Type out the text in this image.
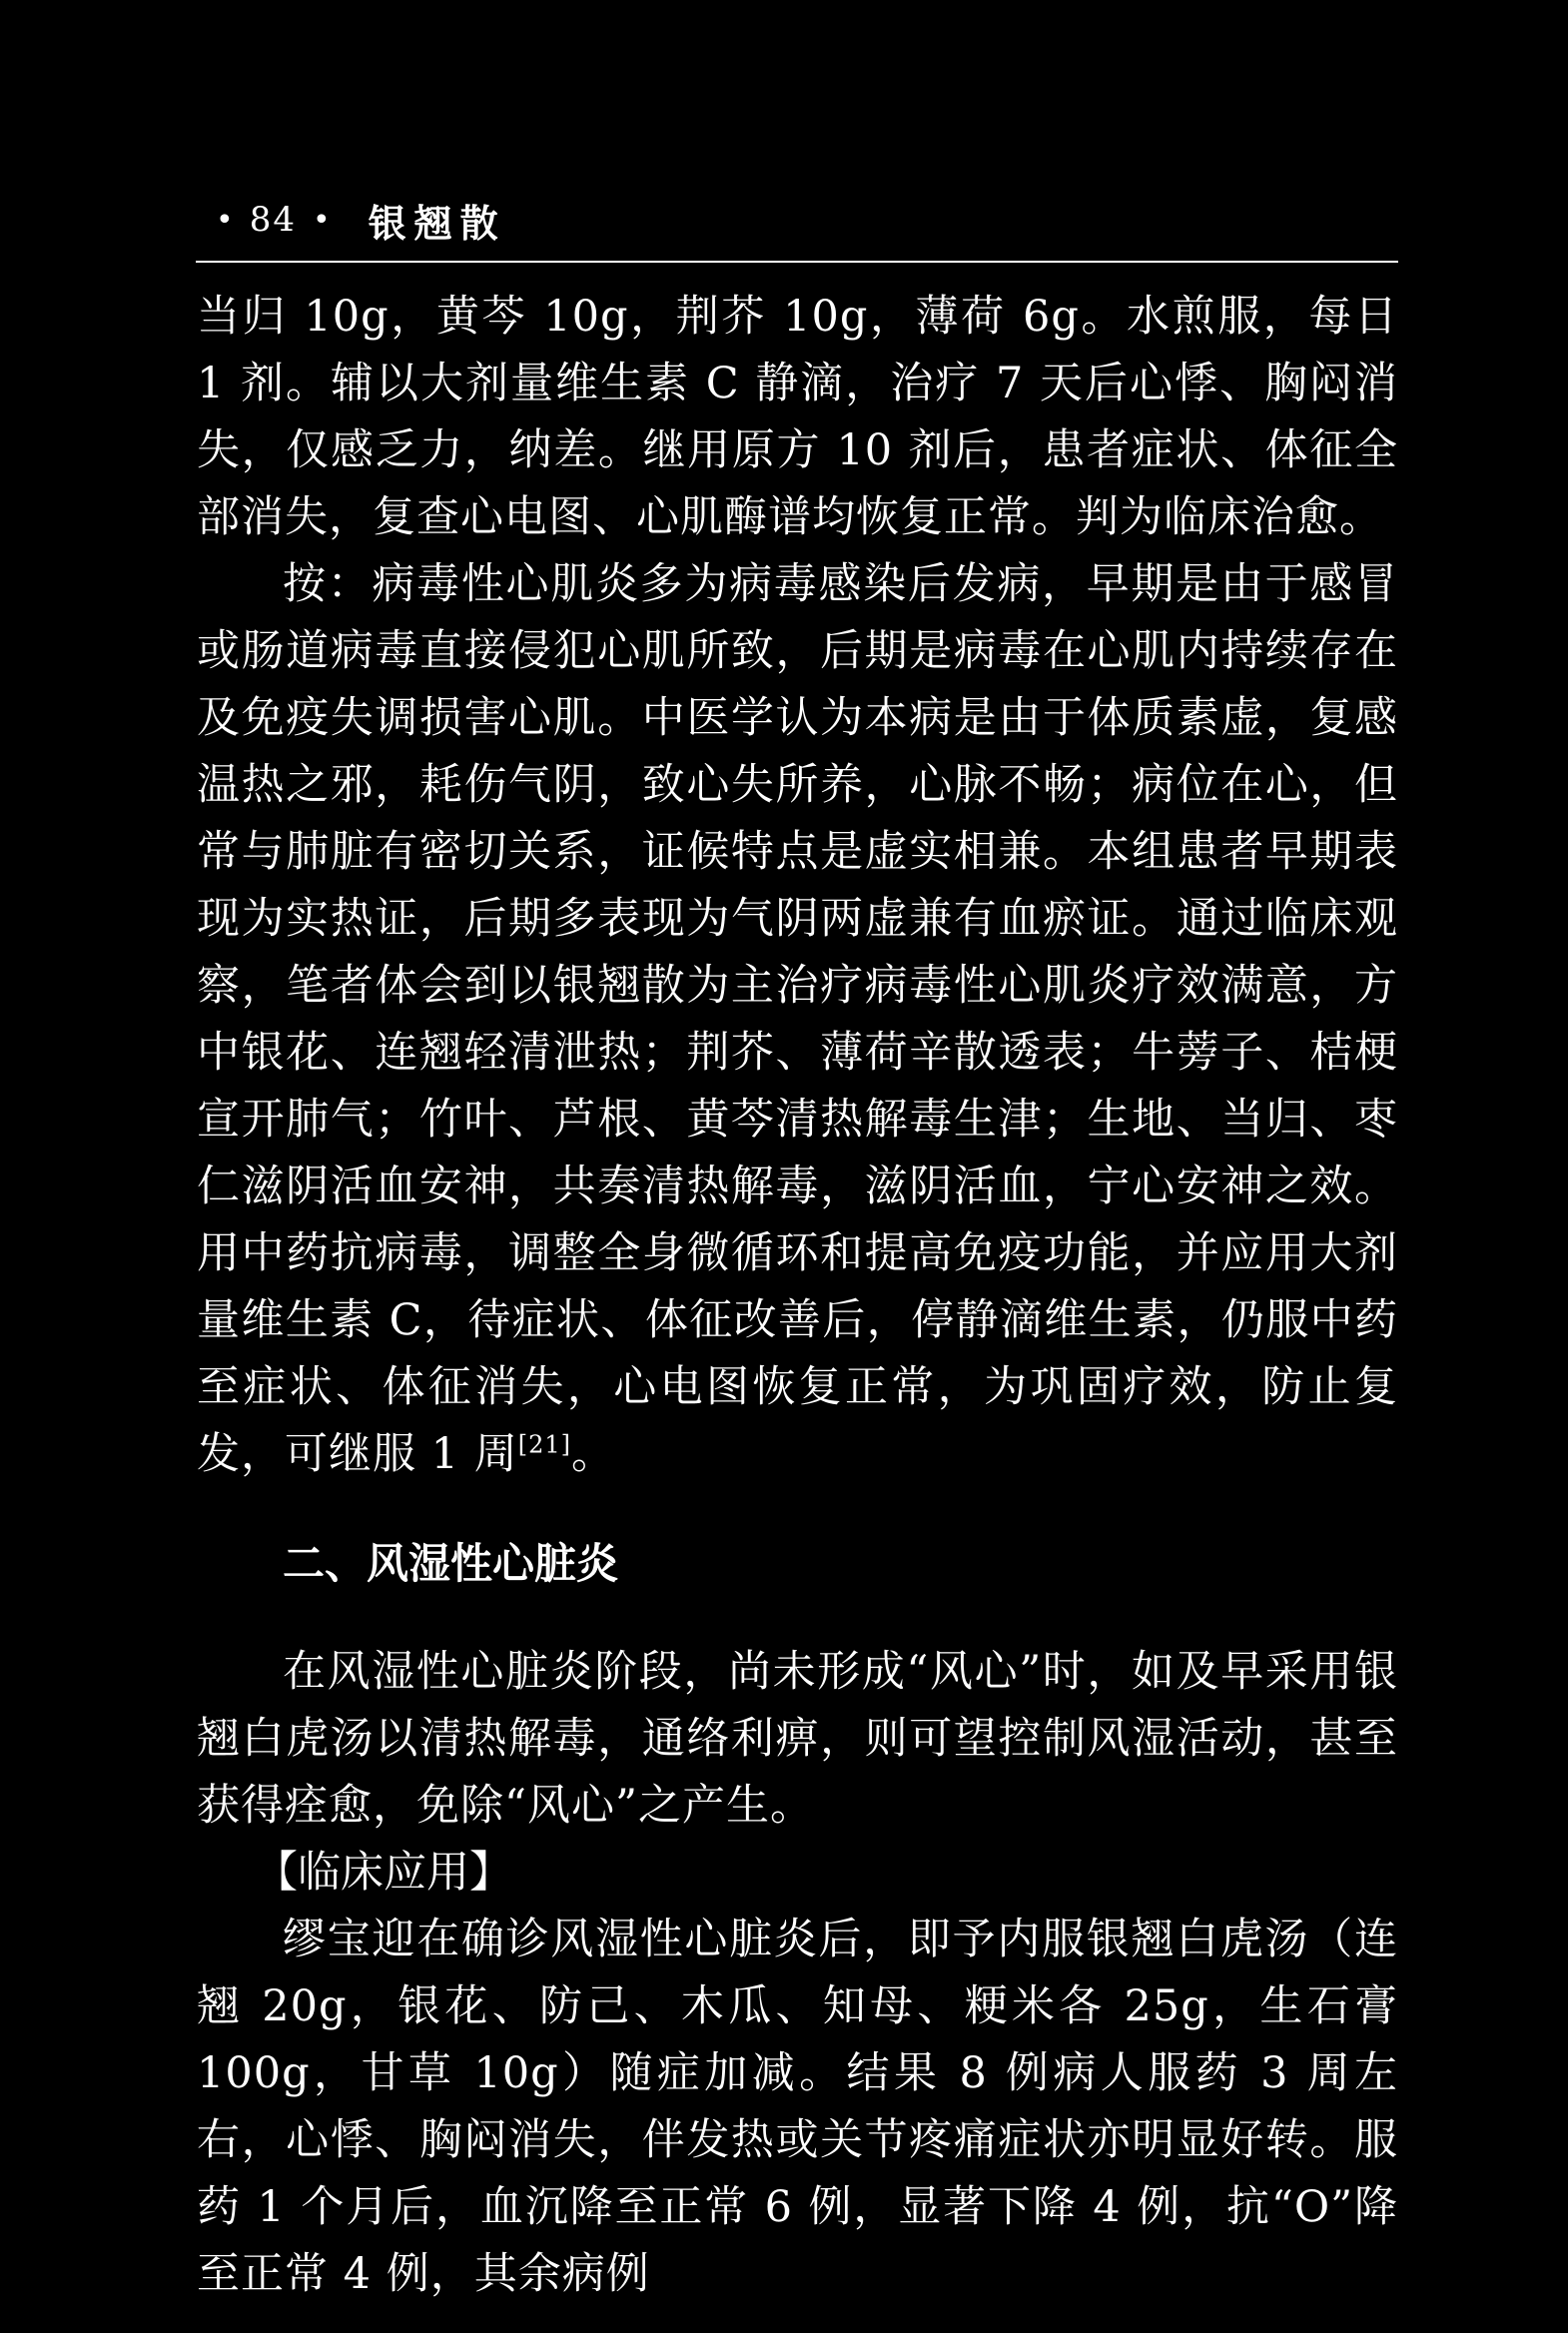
• 84 • 银翘散

当归 10g，黄芩 10g，荆芥 10g，薄荷 6g。水煎服，每日 1 剂。辅以大剂量维生素 C 静滴，治疗 7 天后心悸、胸闷消失，仅感乏力，纳差。继用原方 10 剂后，患者症状、体征全部消失，复查心电图、心肌酶谱均恢复正常。判为临床治愈。

按：病毒性心肌炎多为病毒感染后发病，早期是由于感冒或肠道病毒直接侵犯心肌所致，后期是病毒在心肌内持续存在及免疫失调损害心肌。中医学认为本病是由于体质素虚，复感温热之邪，耗伤气阴，致心失所养，心脉不畅；病位在心，但常与肺脏有密切关系，证候特点是虚实相兼。本组患者早期表现为实热证，后期多表现为气阴两虚兼有血瘀证。通过临床观察，笔者体会到以银翘散为主治疗病毒性心肌炎疗效满意，方中银花、连翘轻清泄热；荆芥、薄荷辛散透表；牛蒡子、桔梗宣开肺气；竹叶、芦根、黄芩清热解毒生津；生地、当归、枣仁滋阴活血安神，共奏清热解毒，滋阴活血，宁心安神之效。用中药抗病毒，调整全身微循环和提高免疫功能，并应用大剂量维生素 C，待症状、体征改善后，停静滴维生素，仍服中药至症状、体征消失，心电图恢复正常，为巩固疗效，防止复发，可继服 1 周[21]。

二、风湿性心脏炎

在风湿性心脏炎阶段，尚未形成“风心”时，如及早采用银翘白虎汤以清热解毒，通络利痹，则可望控制风湿活动，甚至获得痊愈，免除“风心”之产生。

【临床应用】

缪宝迎在确诊风湿性心脏炎后，即予内服银翘白虎汤（连翘 20g，银花、防己、木瓜、知母、粳米各 25g，生石膏 100g，甘草 10g）随症加减。结果 8 例病人服药 3 周左右，心悸、胸闷消失，伴发热或关节疼痛症状亦明显好转。服药 1 个月后，血沉降至正常 6 例，显著下降 4 例，抗“O”降至正常 4 例，其余病例
